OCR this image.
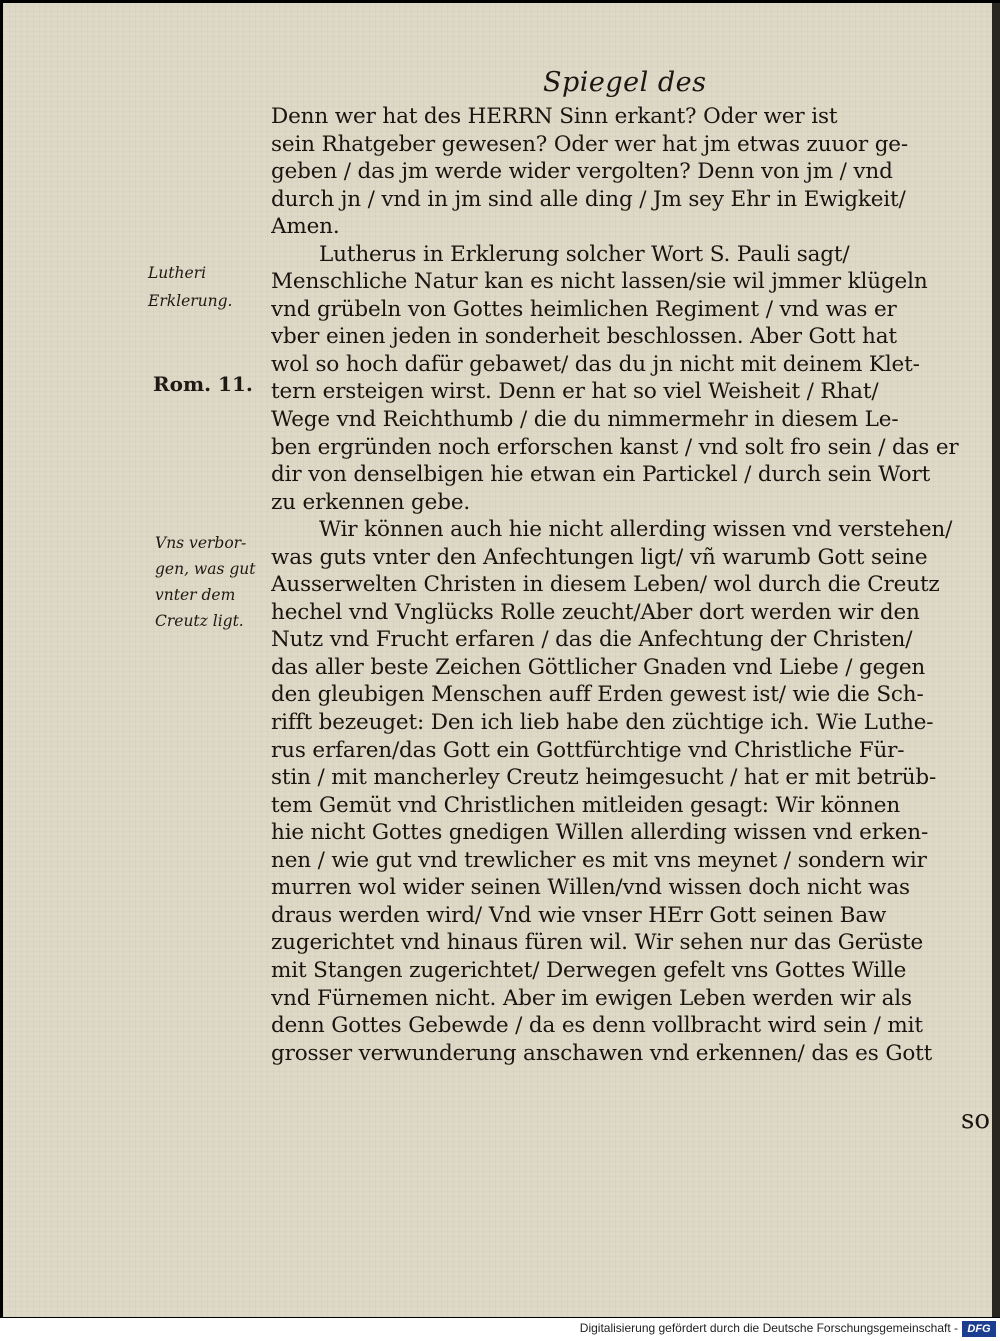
Spiegel des
Denn wer hat des HERRN Sinn erkant? Oder wer ist
sein Rhatgeber gewesen? Oder wer hat jm etwas zuuor ge-
geben / das jm werde wider vergolten? Denn von jm / vnd
durch jn / vnd in jm sind alle ding / Jm sey Ehr in Ewigkeit/
Amen.
Lutherus in Erklerung solcher Wort S. Pauli sagt/
Menschliche Natur kan es nicht lassen/sie wil jmmer klügeln
vnd grübeln von Gottes heimlichen Regiment / vnd was er
vber einen jeden in sonderheit beschlossen. Aber Gott hat
wol so hoch dafür gebawet/ das du jn nicht mit deinem Klet-
tern ersteigen wirst. Denn er hat so viel Weisheit / Rhat/
Wege vnd Reichthumb / die du nimmermehr in diesem Le-
ben ergründen noch erforschen kanst / vnd solt fro sein / das er
dir von denselbigen hie etwan ein Partickel / durch sein Wort
zu erkennen gebe.
Wir können auch hie nicht allerding wissen vnd verstehen/
was guts vnter den Anfechtungen ligt/ vñ warumb Gott seine
Ausserwelten Christen in diesem Leben/ wol durch die Creutz
hechel vnd Vnglücks Rolle zeucht/Aber dort werden wir den
Nutz vnd Frucht erfaren / das die Anfechtung der Christen/
das aller beste Zeichen Göttlicher Gnaden vnd Liebe / gegen
den gleubigen Menschen auff Erden gewest ist/ wie die Sch-
rifft bezeuget: Den ich lieb habe den züchtige ich. Wie Luthe-
rus erfaren/das Gott ein Gottfürchtige vnd Christliche Für-
stin / mit mancherley Creutz heimgesucht / hat er mit betrüb-
tem Gemüt vnd Christlichen mitleiden gesagt: Wir können
hie nicht Gottes gnedigen Willen allerding wissen vnd erken-
nen / wie gut vnd trewlicher es mit vns meynet / sondern wir
murren wol wider seinen Willen/vnd wissen doch nicht was
draus werden wird/ Vnd wie vnser HErr Gott seinen Baw
zugerichtet vnd hinaus füren wil. Wir sehen nur das Gerüste
mit Stangen zugerichtet/ Derwegen gefelt vns Gottes Wille
vnd Fürnemen nicht. Aber im ewigen Leben werden wir als
denn Gottes Gebewde / da es denn vollbracht wird sein / mit
grosser verwunderung anschawen vnd erkennen/ das es Gott
so
Lutheri
Erklerung.
Rom. 11.
Vns verbor-
gen, was gut
vnter dem
Creutz ligt.
Digitalisierung gefördert durch die Deutsche Forschungsgemeinschaft - DFG
